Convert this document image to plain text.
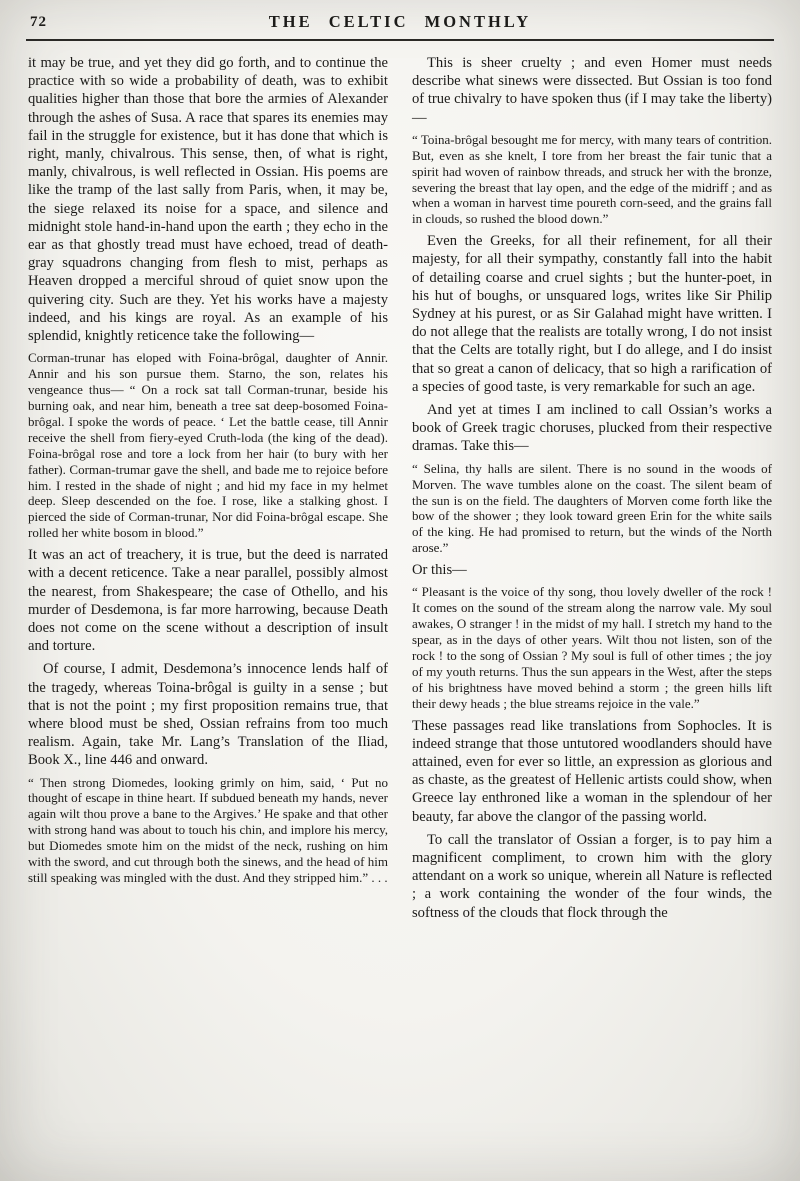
72	THE CELTIC MONTHLY

it may be true, and yet they did go forth, and to continue the practice with so wide a probability of death, was to exhibit qualities higher than those that bore the armies of Alexander through the ashes of Susa. A race that spares its enemies may fail in the struggle for existence, but it has done that which is right, manly, chivalrous. This sense, then, of what is right, manly, chivalrous, is well reflected in Ossian. His poems are like the tramp of the last sally from Paris, when, it may be, the siege relaxed its noise for a space, and silence and midnight stole hand-in-hand upon the earth ; they echo in the ear as that ghostly tread must have echoed, tread of death-gray squadrons changing from flesh to mist, perhaps as Heaven dropped a merciful shroud of quiet snow upon the quivering city. Such are they. Yet his works have a majesty indeed, and his kings are royal. As an example of his splendid, knightly reticence take the following—

Corman-trunar has eloped with Foina-brôgal, daughter of Annir. Annir and his son pursue them. Starno, the son, relates his vengeance thus— “ On a rock sat tall Corman-trunar, beside his burning oak, and near him, beneath a tree sat deep-bosomed Foina-brôgal. I spoke the words of peace. ‘ Let the battle cease, till Annir receive the shell from fiery-eyed Cruth-loda (the king of the dead). Foina-brôgal rose and tore a lock from her hair (to bury with her father). Corman-trumar gave the shell, and bade me to rejoice before him. I rested in the shade of night ; and hid my face in my helmet deep. Sleep descended on the foe. I rose, like a stalking ghost. I pierced the side of Corman-trunar, Nor did Foina-brôgal escape. She rolled her white bosom in blood.”

It was an act of treachery, it is true, but the deed is narrated with a decent reticence. Take a near parallel, possibly almost the nearest, from Shakespeare; the case of Othello, and his murder of Desdemona, is far more harrowing, because Death does not come on the scene without a description of insult and torture.

Of course, I admit, Desdemona’s innocence lends half of the tragedy, whereas Toina-brôgal is guilty in a sense ; but that is not the point ; my first proposition remains true, that where blood must be shed, Ossian refrains from too much realism. Again, take Mr. Lang’s Translation of the Iliad, Book X., line 446 and onward.

“ Then strong Diomedes, looking grimly on him, said, ‘ Put no thought of escape in thine heart. If subdued beneath my hands, never again wilt thou prove a bane to the Argives.’ He spake and that other with strong hand was about to touch his chin, and implore his mercy, but Diomedes smote him on the midst of the neck, rushing on him with the sword, and cut through both the sinews, and the head of him still speaking was mingled with the dust. And they stripped him.” . . .

This is sheer cruelty ; and even Homer must needs describe what sinews were dissected. But Ossian is too fond of true chivalry to have spoken thus (if I may take the liberty)—

“ Toina-brôgal besought me for mercy, with many tears of contrition. But, even as she knelt, I tore from her breast the fair tunic that a spirit had woven of rainbow threads, and struck her with the bronze, severing the breast that lay open, and the edge of the midriff ; and as when a woman in harvest time poureth corn-seed, and the grains fall in clouds, so rushed the blood down.”

Even the Greeks, for all their refinement, for all their majesty, for all their sympathy, constantly fall into the habit of detailing coarse and cruel sights ; but the hunter-poet, in his hut of boughs, or unsquared logs, writes like Sir Philip Sydney at his purest, or as Sir Galahad might have written. I do not allege that the realists are totally wrong, I do not insist that the Celts are totally right, but I do allege, and I do insist that so great a canon of delicacy, that so high a rarification of a species of good taste, is very remarkable for such an age.

And yet at times I am inclined to call Ossian’s works a book of Greek tragic choruses, plucked from their respective dramas. Take this—

“ Selina, thy halls are silent. There is no sound in the woods of Morven. The wave tumbles alone on the coast. The silent beam of the sun is on the field. The daughters of Morven come forth like the bow of the shower ; they look toward green Erin for the white sails of the king. He had promised to return, but the winds of the North arose.”

Or this—

“ Pleasant is the voice of thy song, thou lovely dweller of the rock ! It comes on the sound of the stream along the narrow vale. My soul awakes, O stranger ! in the midst of my hall. I stretch my hand to the spear, as in the days of other years. Wilt thou not listen, son of the rock ! to the song of Ossian ? My soul is full of other times ; the joy of my youth returns. Thus the sun appears in the West, after the steps of his brightness have moved behind a storm ; the green hills lift their dewy heads ; the blue streams rejoice in the vale.”

These passages read like translations from Sophocles. It is indeed strange that those untutored woodlanders should have attained, even for ever so little, an expression as glorious and as chaste, as the greatest of Hellenic artists could show, when Greece lay enthroned like a woman in the splendour of her beauty, far above the clangor of the passing world.

To call the translator of Ossian a forger, is to pay him a magnificent compliment, to crown him with the glory attendant on a work so unique, wherein all Nature is reflected ; a work containing the wonder of the four winds, the softness of the clouds that flock through the
